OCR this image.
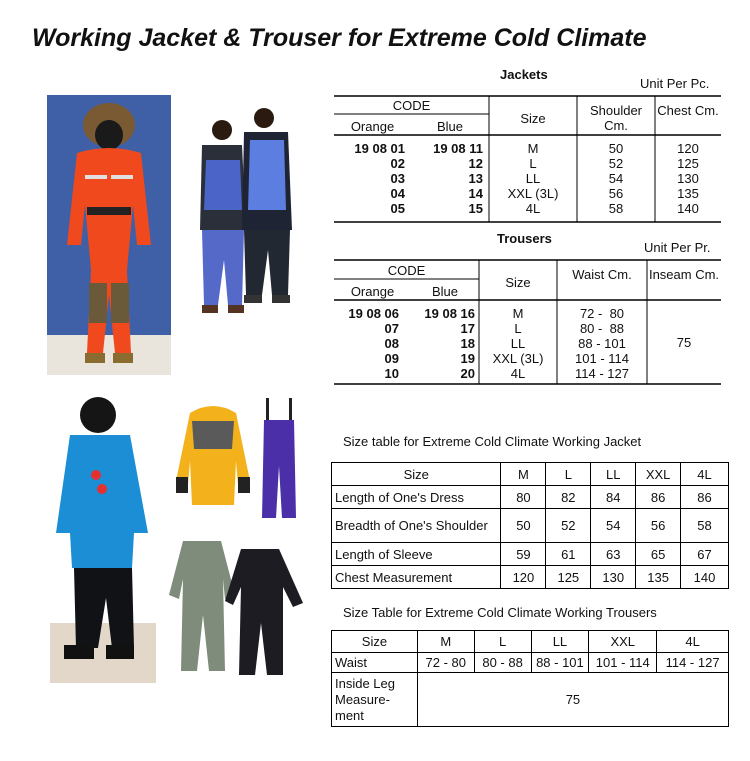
Working Jacket & Trouser for Extreme Cold Climate
Jackets
Unit Per Pc.
CODE
Orange	Blue
Size
Shoulder Cm.
Chest Cm.
19 08 01	19 08 11	M	50	120
02	12	L	52	125
03	13	LL	54	130
04	14	XXL (3L)	56	135
05	15	4L	58	140
Trousers
Unit Per Pr.
CODE
Orange	Blue
Size
Waist Cm.	Inseam Cm.
75
19 08 06	19 08 16	M	72 -  80
07	17	L	80 -  88
08	18	LL	88 - 101
09	19	XXL (3L)	101 - 114
10	20	4L	114 - 127
Size table for Extreme Cold Climate Working Jacket
Size	M	L	LL	XXL	4L
Length of One's Dress	80	82	84	86	86
Breadth of One's Shoulder	50	52	54	56	58
Length of Sleeve	59	61	63	65	67
Chest Measurement	120	125	130	135	140
Size Table for Extreme Cold Climate Working Trousers
Size	M	L	LL	XXL	4L
Waist	72 - 80	80 - 88	88 - 101	101 - 114	114 - 127
Inside Leg Measure- ment	75				
